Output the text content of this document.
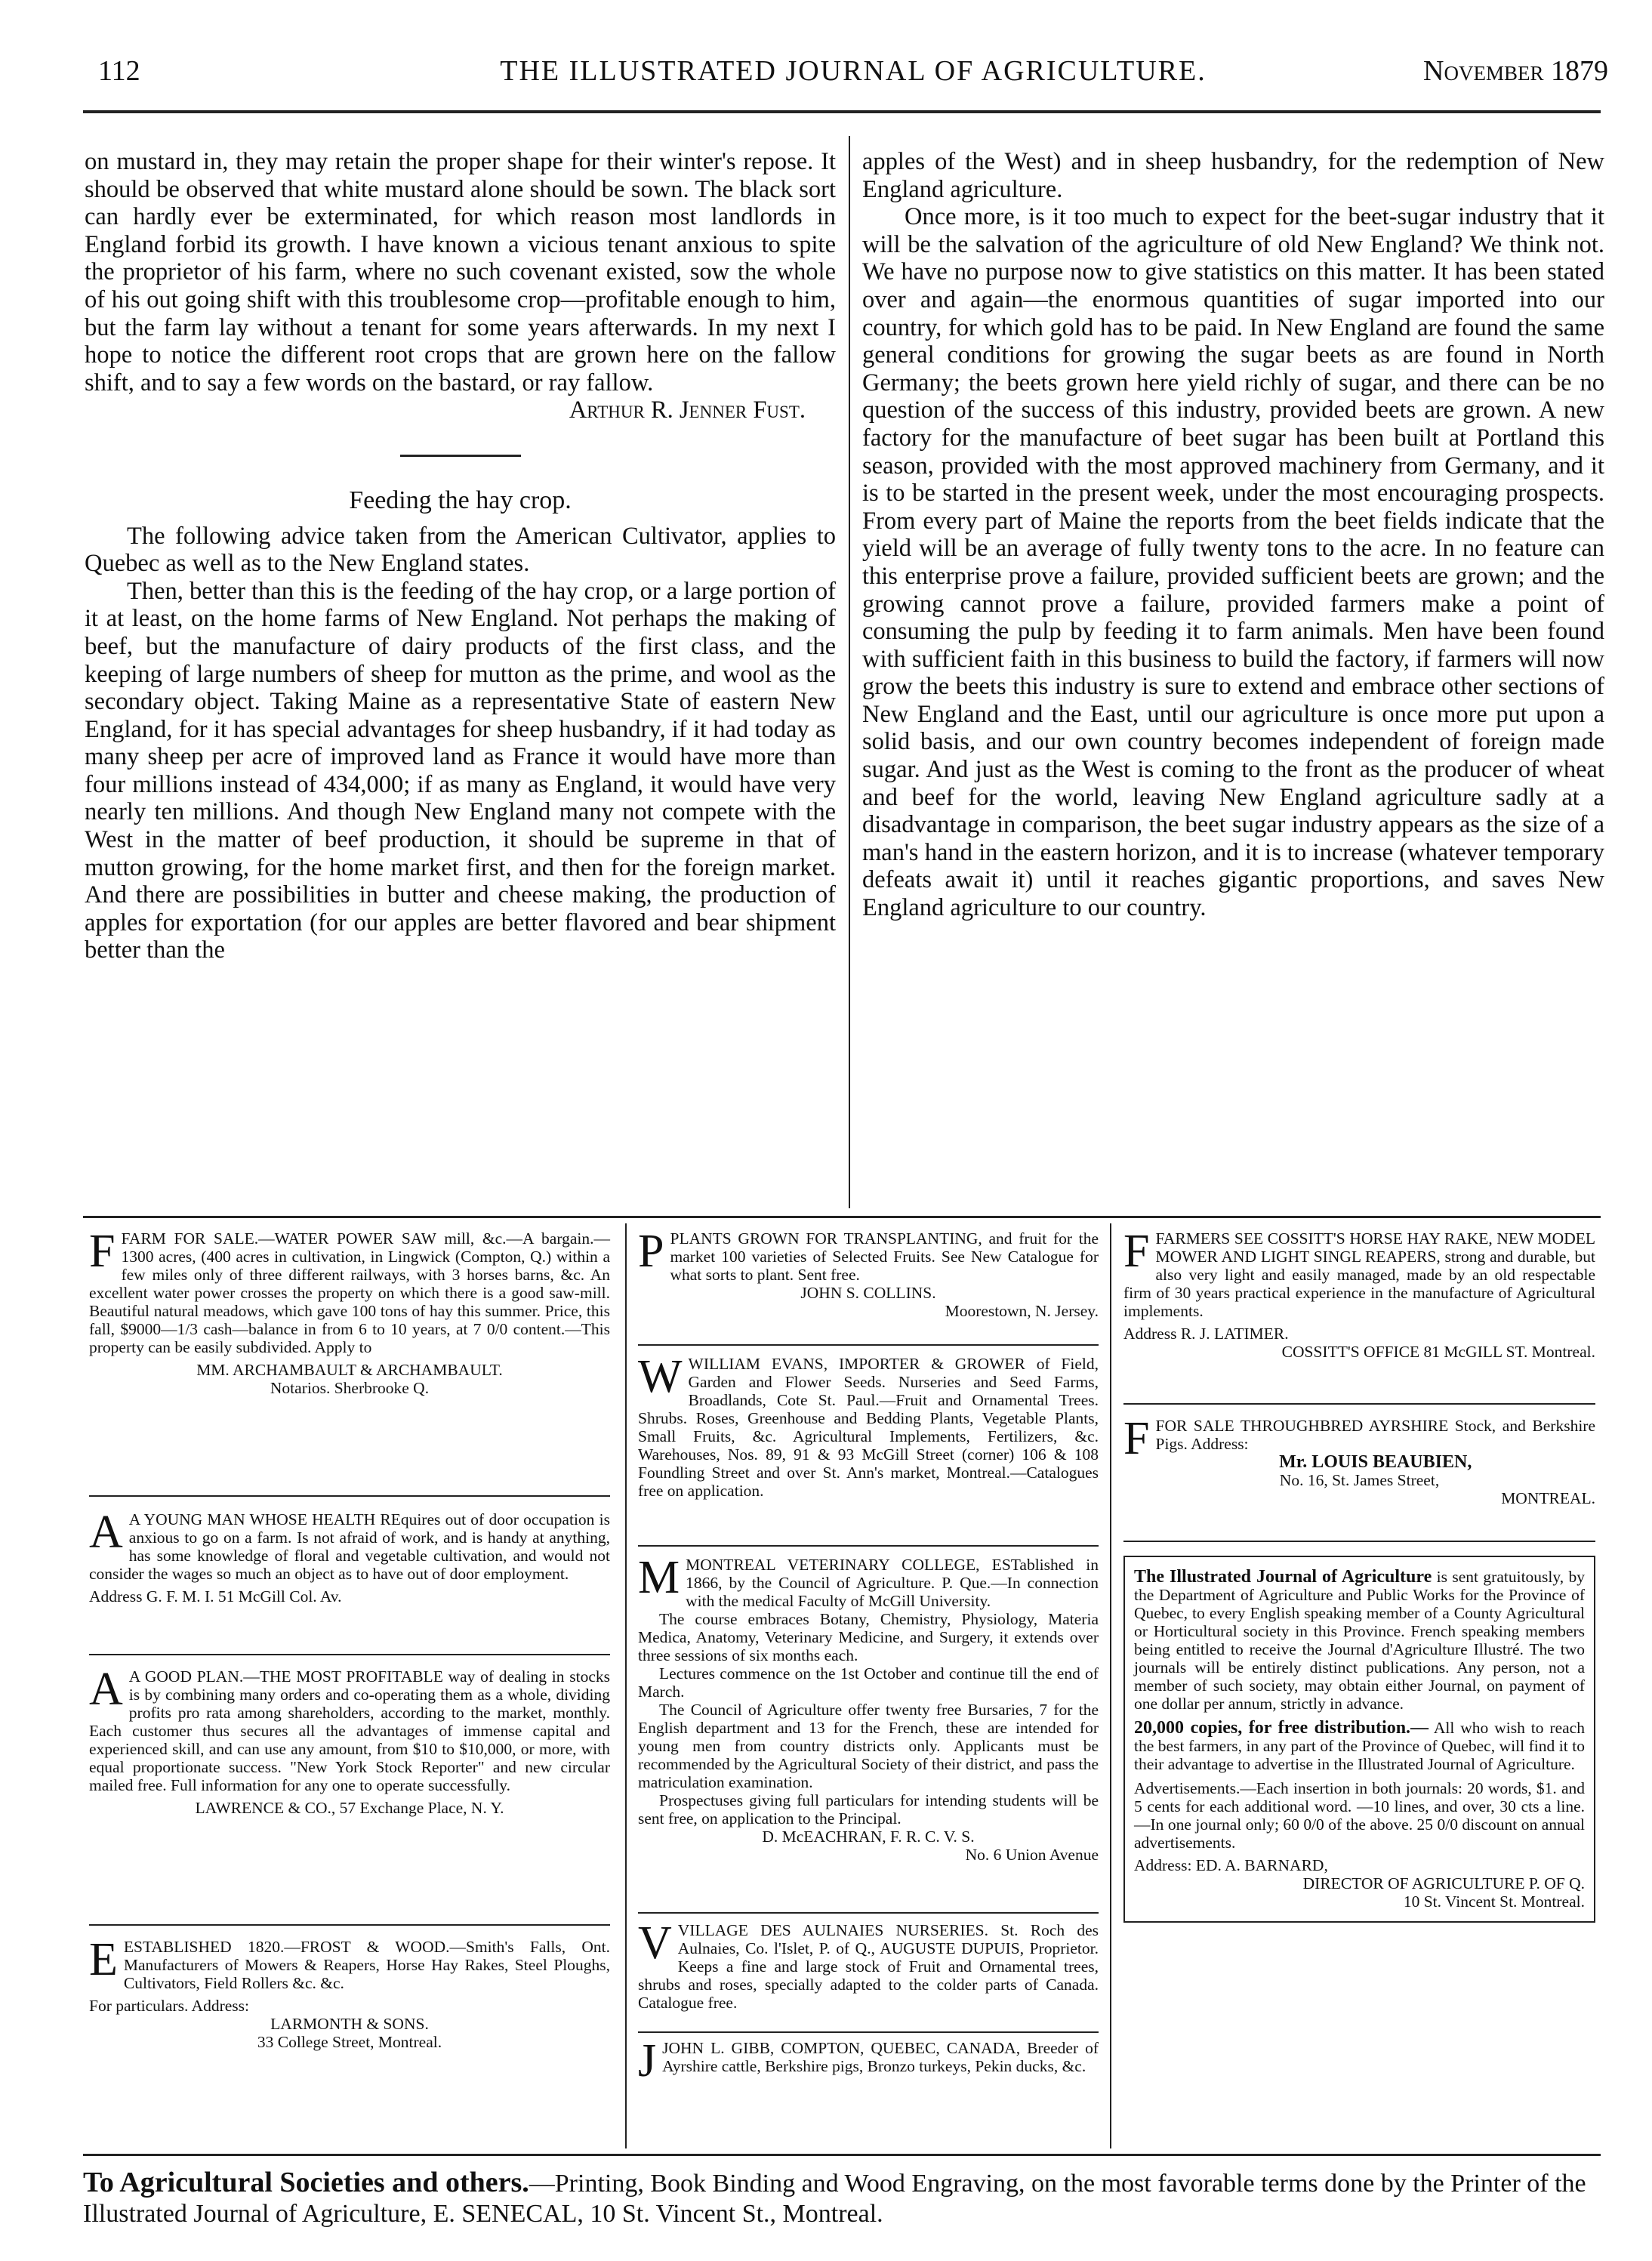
112	THE ILLUSTRATED JOURNAL OF AGRICULTURE.	November 1879

on mustard in, they may retain the proper shape for their winter's repose. It should be observed that white mustard alone should be sown. The black sort can hardly ever be exterminated, for which reason most landlords in England forbid its growth. I have known a vicious tenant anxious to spite the proprietor of his farm, where no such covenant existed, sow the whole of his out going shift with this troublesome crop—profitable enough to him, but the farm lay without a tenant for some years afterwards. In my next I hope to notice the different root crops that are grown here on the fallow shift, and to say a few words on the bastard, or ray fallow.

Arthur R. Jenner Fust.
Feeding the hay crop.

The following advice taken from the American Cultivator, applies to Quebec as well as to the New England states.

Then, better than this is the feeding of the hay crop, or a large portion of it at least, on the home farms of New England. Not perhaps the making of beef, but the manufacture of dairy products of the first class, and the keeping of large numbers of sheep for mutton as the prime, and wool as the secondary object. Taking Maine as a representative State of eastern New England, for it has special advantages for sheep husbandry, if it had today as many sheep per acre of improved land as France it would have more than four millions instead of 434,000; if as many as England, it would have very nearly ten millions. And though New England many not compete with the West in the matter of beef production, it should be supreme in that of mutton growing, for the home market first, and then for the foreign market. And there are possibilities in butter and cheese making, the production of apples for exportation (for our apples are better flavored and bear shipment better than the

apples of the West) and in sheep husbandry, for the redemption of New England agriculture.

Once more, is it too much to expect for the beet-sugar industry that it will be the salvation of the agriculture of old New England? We think not. We have no purpose now to give statistics on this matter. It has been stated over and again—the enormous quantities of sugar imported into our country, for which gold has to be paid. In New England are found the same general conditions for growing the sugar beets as are found in North Germany; the beets grown here yield richly of sugar, and there can be no question of the success of this industry, provided beets are grown. A new factory for the manufacture of beet sugar has been built at Portland this season, provided with the most approved machinery from Germany, and it is to be started in the present week, under the most encouraging prospects. From every part of Maine the reports from the beet fields indicate that the yield will be an average of fully twenty tons to the acre. In no feature can this enterprise prove a failure, provided sufficient beets are grown; and the growing cannot prove a failure, provided farmers make a point of consuming the pulp by feeding it to farm animals. Men have been found with sufficient faith in this business to build the factory, if farmers will now grow the beets this industry is sure to extend and embrace other sections of New England and the East, until our agriculture is once more put upon a solid basis, and our own country becomes independent of foreign made sugar. And just as the West is coming to the front as the producer of wheat and beef for the world, leaving New England agriculture sadly at a disadvantage in comparison, the beet sugar industry appears as the size of a man's hand in the eastern horizon, and it is to increase (whatever temporary defeats await it) until it reaches gigantic proportions, and saves New England agriculture to our country.

FFARM FOR SALE.—WATER POWER SAW mill, &c.—A bargain.—1300 acres, (400 acres in cultivation, in Lingwick (Compton, Q.) within a few miles only of three different railways, with 3 horses barns, &c. An excellent water power crosses the property on which there is a good saw-mill. Beautiful natural meadows, which gave 100 tons of hay this summer. Price, this fall, $9000—1/3 cash—balance in from 6 to 10 years, at 7 0/0 content.—This property can be easily subdivided. Apply to

MM. ARCHAMBAULT & ARCHAMBAULT.

Notarios. Sherbrooke Q.

A A YOUNG MAN WHOSE HEALTH REquires out of door occupation is anxious to go on a farm. Is not afraid of work, and is handy at anything, has some knowledge of floral and vegetable cultivation, and would not consider the wages so much an object as to have out of door employment.

Address G. F. M. I. 51 McGill Col. Av.

A A GOOD PLAN.—THE MOST PROFITABLE way of dealing in stocks is by combining many orders and co-operating them as a whole, dividing profits pro rata among shareholders, according to the market, monthly. Each customer thus secures all the advantages of immense capital and experienced skill, and can use any amount, from $10 to $10,000, or more, with equal proportionate success. "New York Stock Reporter" and new circular mailed free. Full information for any one to operate successfully.

LAWRENCE & CO., 57 Exchange Place, N. Y.

EESTABLISHED 1820.—FROST & WOOD.—Smith's Falls, Ont. Manufacturers of Mowers & Reapers, Horse Hay Rakes, Steel Ploughs, Cultivators, Field Rollers &c. &c.

For particulars. Address:

LARMONTH & SONS.

33 College Street, Montreal.

PPLANTS GROWN FOR TRANSPLANTING, and fruit for the market 100 varieties of Selected Fruits. See New Catalogue for what sorts to plant. Sent free.

JOHN S. COLLINS.

Moorestown, N. Jersey.

WWILLIAM EVANS, IMPORTER & GROWER of Field, Garden and Flower Seeds. Nurseries and Seed Farms, Broadlands, Cote St. Paul.—Fruit and Ornamental Trees. Shrubs. Roses, Greenhouse and Bedding Plants, Vegetable Plants, Small Fruits, &c. Agricultural Implements, Fertilizers, &c. Warehouses, Nos. 89, 91 & 93 McGill Street (corner) 106 & 108 Foundling Street and over St. Ann's market, Montreal.—Catalogues free on application.

MMONTREAL VETERINARY COLLEGE, ESTablished in 1866, by the Council of Agriculture. P. Que.—In connection with the medical Faculty of McGill University.

The course embraces Botany, Chemistry, Physiology, Materia Medica, Anatomy, Veterinary Medicine, and Surgery, it extends over three sessions of six months each.

Lectures commence on the 1st October and continue till the end of March.

The Council of Agriculture offer twenty free Bursaries, 7 for the English department and 13 for the French, these are intended for young men from country districts only. Applicants must be recommended by the Agricultural Society of their district, and pass the matriculation examination.

Prospectuses giving full particulars for intending students will be sent free, on application to the Principal.

D. McEACHRAN, F. R. C. V. S.

No. 6 Union Avenue

VVILLAGE DES AULNAIES NURSERIES. St. Roch des Aulnaies, Co. l'Islet, P. of Q., AUGUSTE DUPUIS, Proprietor. Keeps a fine and large stock of Fruit and Ornamental trees, shrubs and roses, specially adapted to the colder parts of Canada. Catalogue free.

JJOHN L. GIBB, COMPTON, QUEBEC, CANADA, Breeder of Ayrshire cattle, Berkshire pigs, Bronzo turkeys, Pekin ducks, &c.

FFARMERS SEE COSSITT'S HORSE HAY RAKE, NEW MODEL MOWER AND LIGHT SINGL REAPERS, strong and durable, but also very light and easily managed, made by an old respectable firm of 30 years practical experience in the manufacture of Agricultural implements.

Address R. J. LATIMER.

COSSITT'S OFFICE 81 McGILL ST. Montreal.

FFOR SALE THROUGHBRED AYRSHIRE Stock, and Berkshire Pigs. Address:

Mr. LOUIS BEAUBIEN,

No. 16, St. James Street,

MONTREAL.

The Illustrated Journal of Agriculture is sent gratuitously, by the Department of Agriculture and Public Works for the Province of Quebec, to every English speaking member of a County Agricultural or Horticultural society in this Province. French speaking members being entitled to receive the Journal d'Agriculture Illustré. The two journals will be entirely distinct publications. Any person, not a member of such society, may obtain either Journal, on payment of one dollar per annum, strictly in advance.

20,000 copies, for free distribution.— All who wish to reach the best farmers, in any part of the Province of Quebec, will find it to their advantage to advertise in the Illustrated Journal of Agriculture.

Advertisements.—Each insertion in both journals: 20 words, $1. and 5 cents for each additional word. —10 lines, and over, 30 cts a line.—In one journal only; 60 0/0 of the above. 25 0/0 discount on annual advertisements.

Address: ED. A. BARNARD,

DIRECTOR OF AGRICULTURE P. OF Q.

10 St. Vincent St. Montreal.

To Agricultural Societies and others.—Printing, Book Binding and Wood Engraving, on the most favorable terms done by the Printer of the Illustrated Journal of Agriculture, E. SENECAL, 10 St. Vincent St., Montreal.
